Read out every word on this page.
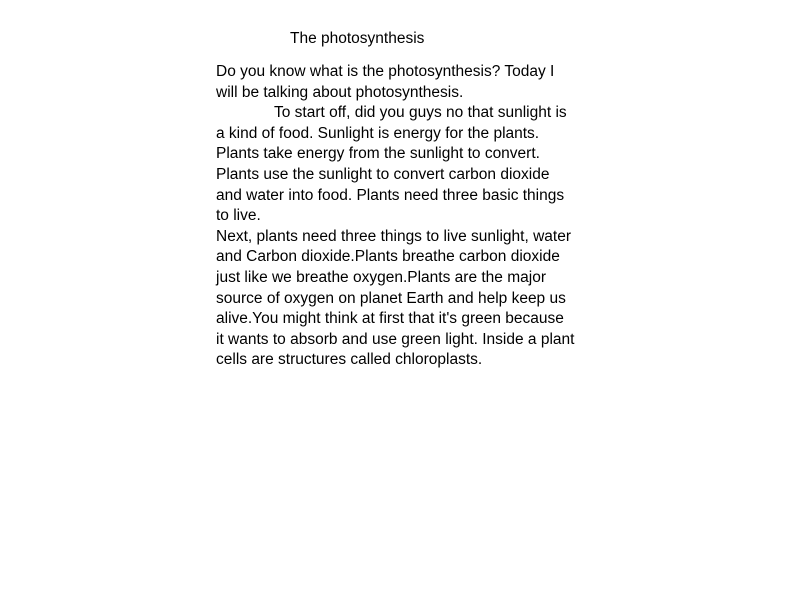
The photosynthesis
Do you know what is the photosynthesis? Today I
will be talking about photosynthesis.
To start off, did you guys no that sunlight is
a kind of food. Sunlight is energy for the plants.
Plants take energy from the sunlight to convert.
Plants use the sunlight to convert carbon dioxide
and water into food. Plants need three basic things
to live.
Next, plants need three things to live sunlight, water
and Carbon dioxide.Plants breathe carbon dioxide
just like we breathe oxygen.Plants are the major
source of oxygen on planet Earth and help keep us
alive.You might think at first that it's green because
it wants to absorb and use green light. Inside a plant
cells are structures called chloroplasts.
